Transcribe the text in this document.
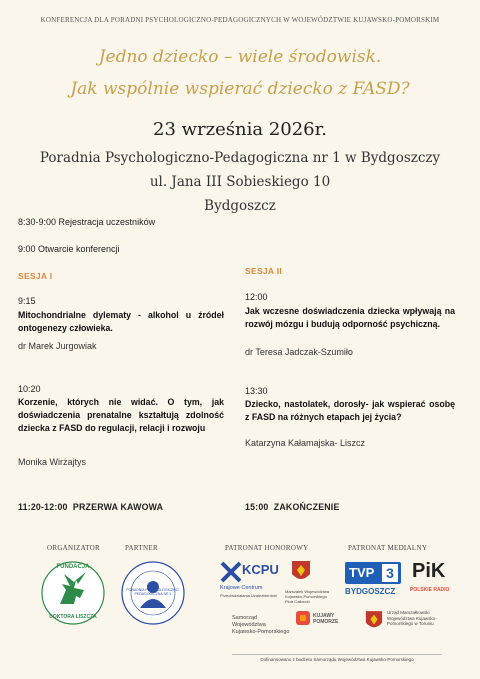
KONFERENCJA DLA PORADNI PSYCHOLOGICZNO-PEDAGOGICZNYCH W WOJEWÓDZTWIE KUJAWSKO-POMORSKIM
Jedno dziecko – wiele środowisk.
Jak wspólnie wspierać dziecko z FASD?
23 września 2026r.
Poradnia Psychologiczno-Pedagogiczna nr 1 w Bydgoszczy
ul. Jana III Sobieskiego 10
Bydgoszcz
8:30-9:00 Rejestracja uczestników
9:00 Otwarcie konferencji
SESJA I	SESJA II
9:15
Mitochondrialne dylematy - alkohol u źródeł ontogenezy człowieka.
dr Marek Jurgowiak
10:20
Korzenie, których nie widać. O tym, jak doświadczenia prenatalne kształtują zdolność dziecka z FASD do regulacji, relacji i rozwoju
Monika Wirżajtys
12:00
Jak wczesne doświadczenia dziecka wpływają na rozwój mózgu i budują odporność psychiczną.
dr Teresa Jadczak-Szumiło
13:30
Dziecko, nastolatek, dorosły- jak wspierać osobę z FASD na różnych etapach jej życia?
Katarzyna Kałamajska- Liszcz
11:20-12:00  PRZERWA KAWOWA	15:00  ZAKOŃCZENIE
ORGANIZATOR	PARTNER	PATRONAT HONOROWY	PATRONAT MEDIALNY
FUNDACJA
DOKTORA LISZCZA
PORADNIA PSYCHOLOGICZNO-PEDAGOGICZNA NR 1
KCPU
Krajowe Centrum
Przeciwdziałania Uzależnieniom
Marszałek Województwa Kujawsko-Pomorskiego
Piotr Całbecki
Samorząd Województwa Kujawsko-Pomorskiego
KUJAWY POMORZE
TVP 3
BYDGOSZCZ
PiK
POLSKIE RADIO
Urząd Marszałkowski Województwa Kujawsko-Pomorskiego w Toruniu
Dofinansowano z budżetu Samorządu Województwa Kujawsko-Pomorskiego
